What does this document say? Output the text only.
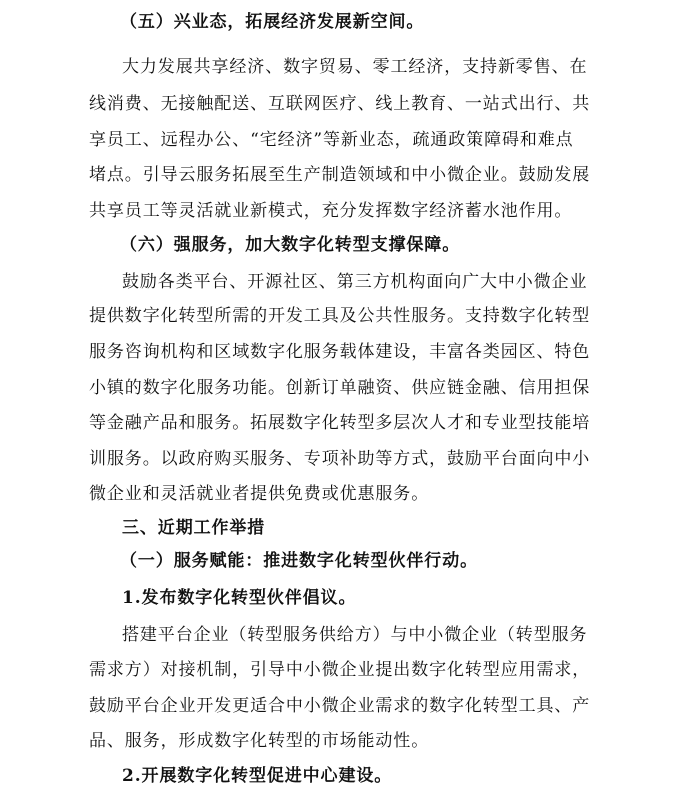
（五）兴业态，拓展经济发展新空间。
大力发展共享经济、数字贸易、零工经济，支持新零售、在
线消费、无接触配送、互联网医疗、线上教育、一站式出行、共
享员工、远程办公、“宅经济”等新业态，疏通政策障碍和难点
堵点。引导云服务拓展至生产制造领域和中小微企业。鼓励发展
共享员工等灵活就业新模式，充分发挥数字经济蓄水池作用。
（六）强服务，加大数字化转型支撑保障。
鼓励各类平台、开源社区、第三方机构面向广大中小微企业
提供数字化转型所需的开发工具及公共性服务。支持数字化转型
服务咨询机构和区域数字化服务载体建设，丰富各类园区、特色
小镇的数字化服务功能。创新订单融资、供应链金融、信用担保
等金融产品和服务。拓展数字化转型多层次人才和专业型技能培
训服务。以政府购买服务、专项补助等方式，鼓励平台面向中小
微企业和灵活就业者提供免费或优惠服务。
三、近期工作举措
（一）服务赋能：推进数字化转型伙伴行动。
1.发布数字化转型伙伴倡议。
搭建平台企业（转型服务供给方）与中小微企业（转型服务
需求方）对接机制，引导中小微企业提出数字化转型应用需求，
鼓励平台企业开发更适合中小微企业需求的数字化转型工具、产
品、服务，形成数字化转型的市场能动性。
2.开展数字化转型促进中心建设。
